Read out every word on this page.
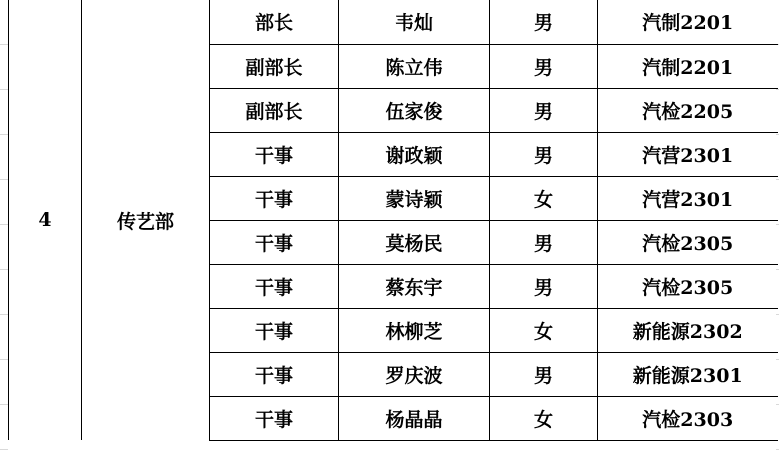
4	传艺部	部长	韦灿	男	汽制2201
		副部长	陈立伟	男	汽制2201
		副部长	伍家俊	男	汽检2205
		干事	谢政颖	男	汽营2301
		干事	蒙诗颖	女	汽营2301
		干事	莫杨民	男	汽检2305
		干事	蔡东宇	男	汽检2305
		干事	林柳芝	女	新能源2302
		干事	罗庆波	男	新能源2301
		干事	杨晶晶	女	汽检2303
